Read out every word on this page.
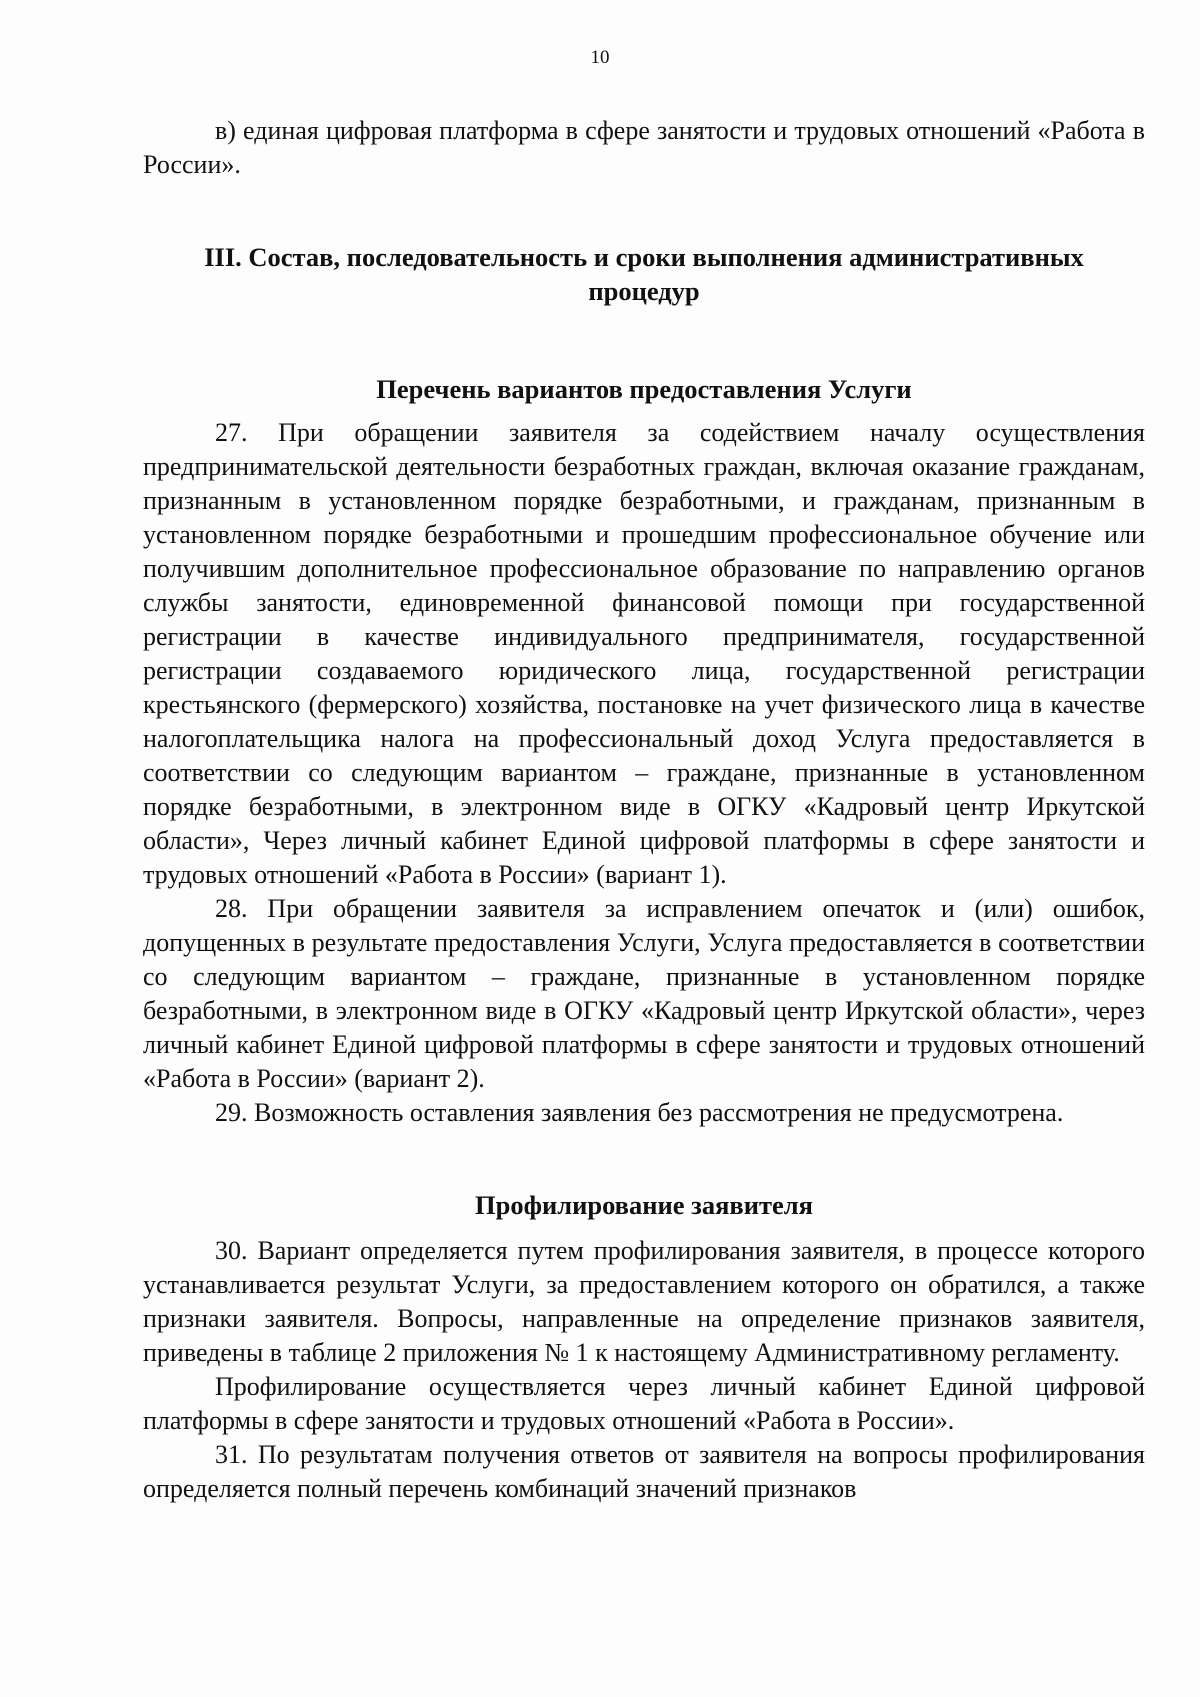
10

в) единая цифровая платформа в сфере занятости и трудовых отношений «Работа в России».

III. Состав, последовательность и сроки выполнения административных процедур
Перечень вариантов предоставления Услуги

27. При обращении заявителя за содействием началу осуществления предпринимательской деятельности безработных граждан, включая оказание гражданам, признанным в установленном порядке безработными, и гражданам, признанным в установленном порядке безработными и прошедшим профессиональное обучение или получившим дополнительное профессиональное образование по направлению органов службы занятости, единовременной финансовой помощи при государственной регистрации в качестве индивидуального предпринимателя, государственной регистрации создаваемого юридического лица, государственной регистрации крестьянского (фермерского) хозяйства, постановке на учет физического лица в качестве налогоплательщика налога на профессиональный доход Услуга предоставляется в соответствии со следующим вариантом – граждане, признанные в установленном порядке безработными, в электронном виде в ОГКУ «Кадровый центр Иркутской области», Через личный кабинет Единой цифровой платформы в сфере занятости и трудовых отношений «Работа в России» (вариант 1).

28. При обращении заявителя за исправлением опечаток и (или) ошибок, допущенных в результате предоставления Услуги, Услуга предоставляется в соответствии со следующим вариантом – граждане, признанные в установленном порядке безработными, в электронном виде в ОГКУ «Кадровый центр Иркутской области», через личный кабинет Единой цифровой платформы в сфере занятости и трудовых отношений «Работа в России» (вариант 2).

29. Возможность оставления заявления без рассмотрения не предусмотрена.

Профилирование заявителя

30. Вариант определяется путем профилирования заявителя, в процессе которого устанавливается результат Услуги, за предоставлением которого он обратился, а также признаки заявителя. Вопросы, направленные на определение признаков заявителя, приведены в таблице 2 приложения № 1 к настоящему Административному регламенту.

Профилирование осуществляется через личный кабинет Единой цифровой платформы в сфере занятости и трудовых отношений «Работа в России».

31. По результатам получения ответов от заявителя на вопросы профилирования определяется полный перечень комбинаций значений признаков
